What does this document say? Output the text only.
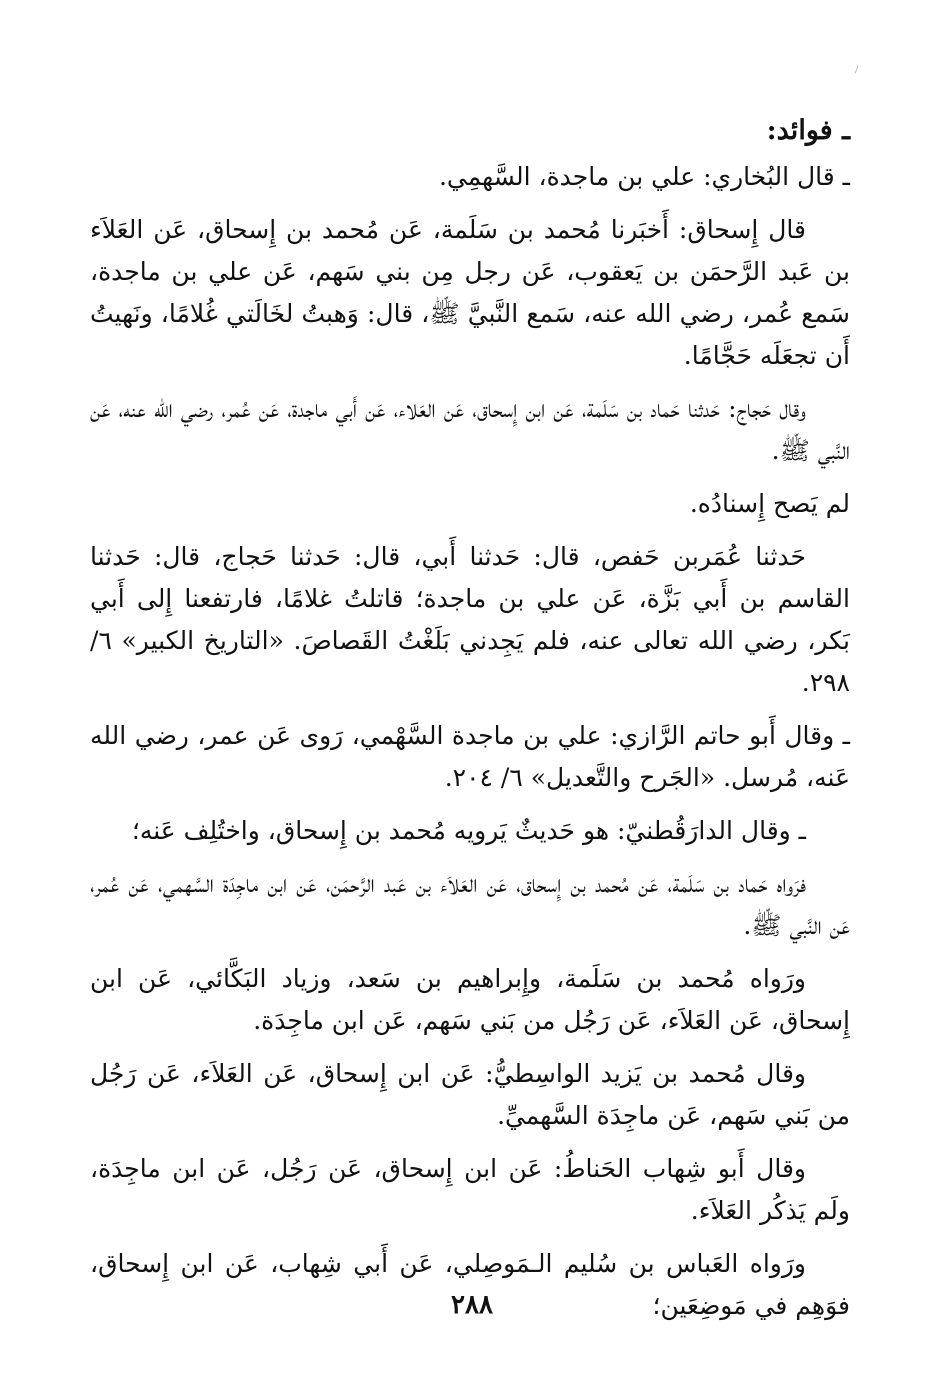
ـ فوائد:

ـ قال البُخاري: علي بن ماجدة، السَّهمِي.

قال إِسحاق: أَخبَرنا مُحمد بن سَلَمة، عَن مُحمد بن إِسحاق، عَن العَلاَء بن عَبد الرَّحمَن بن يَعقوب، عَن رجل مِن بني سَهم، عَن علي بن ماجدة، سَمع عُمر، رضي الله عنه، سَمع النَّبيَّ ﷺ، قال: وَهبتُ لخَالَتي غُلامًا، ونَهيتُ أَن تجعَلَه حَجَّامًا.

وقال حَجاج: حَدثنا حَماد بن سَلَمة، عَن ابن إِسحاق، عَن العَلاء، عَن أَبي ماجدة، عَن عُمر، رضي الله عنه، عَن النَّبي ﷺ.

لم يَصح إِسنادُه.

حَدثنا عُمَربن حَفص، قال: حَدثنا أَبي، قال: حَدثنا حَجاج، قال: حَدثنا القاسم بن أَبي بَزَّة، عَن علي بن ماجدة؛ قاتلتُ غلامًا، فارتفعنا إِلى أَبي بَكر، رضي الله تعالى عنه، فلم يَجِدني بَلَغْتُ القَصاصَ. «التاريخ الكبير» ٦/ ٢٩٨.

ـ وقال أَبو حاتم الرَّازي: علي بن ماجدة السَّهْمي، رَوى عَن عمر، رضي الله عَنه، مُرسل. «الجَرح والتَّعديل» ٦/ ٢٠٤.

ـ وقال الدارَقُطنيّ: هو حَديثٌ يَرويه مُحمد بن إِسحاق، واختُلِف عَنه؛

فرَواه حَماد بن سَلَمة، عَن مُحمد بن إِسحاق، عَن العَلاَء بن عَبد الرَّحمَن، عَن ابن ماجِدَة السَّهمي، عَن عُمر، عَن النَّبي ﷺ.

ورَواه مُحمد بن سَلَمة، وإِبراهيم بن سَعد، وزياد البَكَّائي، عَن ابن إِسحاق، عَن العَلاَء، عَن رَجُل من بَني سَهم، عَن ابن ماجِدَة.

وقال مُحمد بن يَزيد الواسِطيُّ: عَن ابن إِسحاق، عَن العَلاَء، عَن رَجُل من بَني سَهم، عَن ماجِدَة السَّهميِّ.

وقال أَبو شِهاب الحَناطُ: عَن ابن إِسحاق، عَن رَجُل، عَن ابن ماجِدَة، ولَم يَذكُر العَلاَء.

ورَواه العَباس بن سُليم الـمَوصِلي، عَن أَبي شِهاب، عَن ابن إِسحاق، فوَهِم في مَوضِعَين؛

٢٨٨
